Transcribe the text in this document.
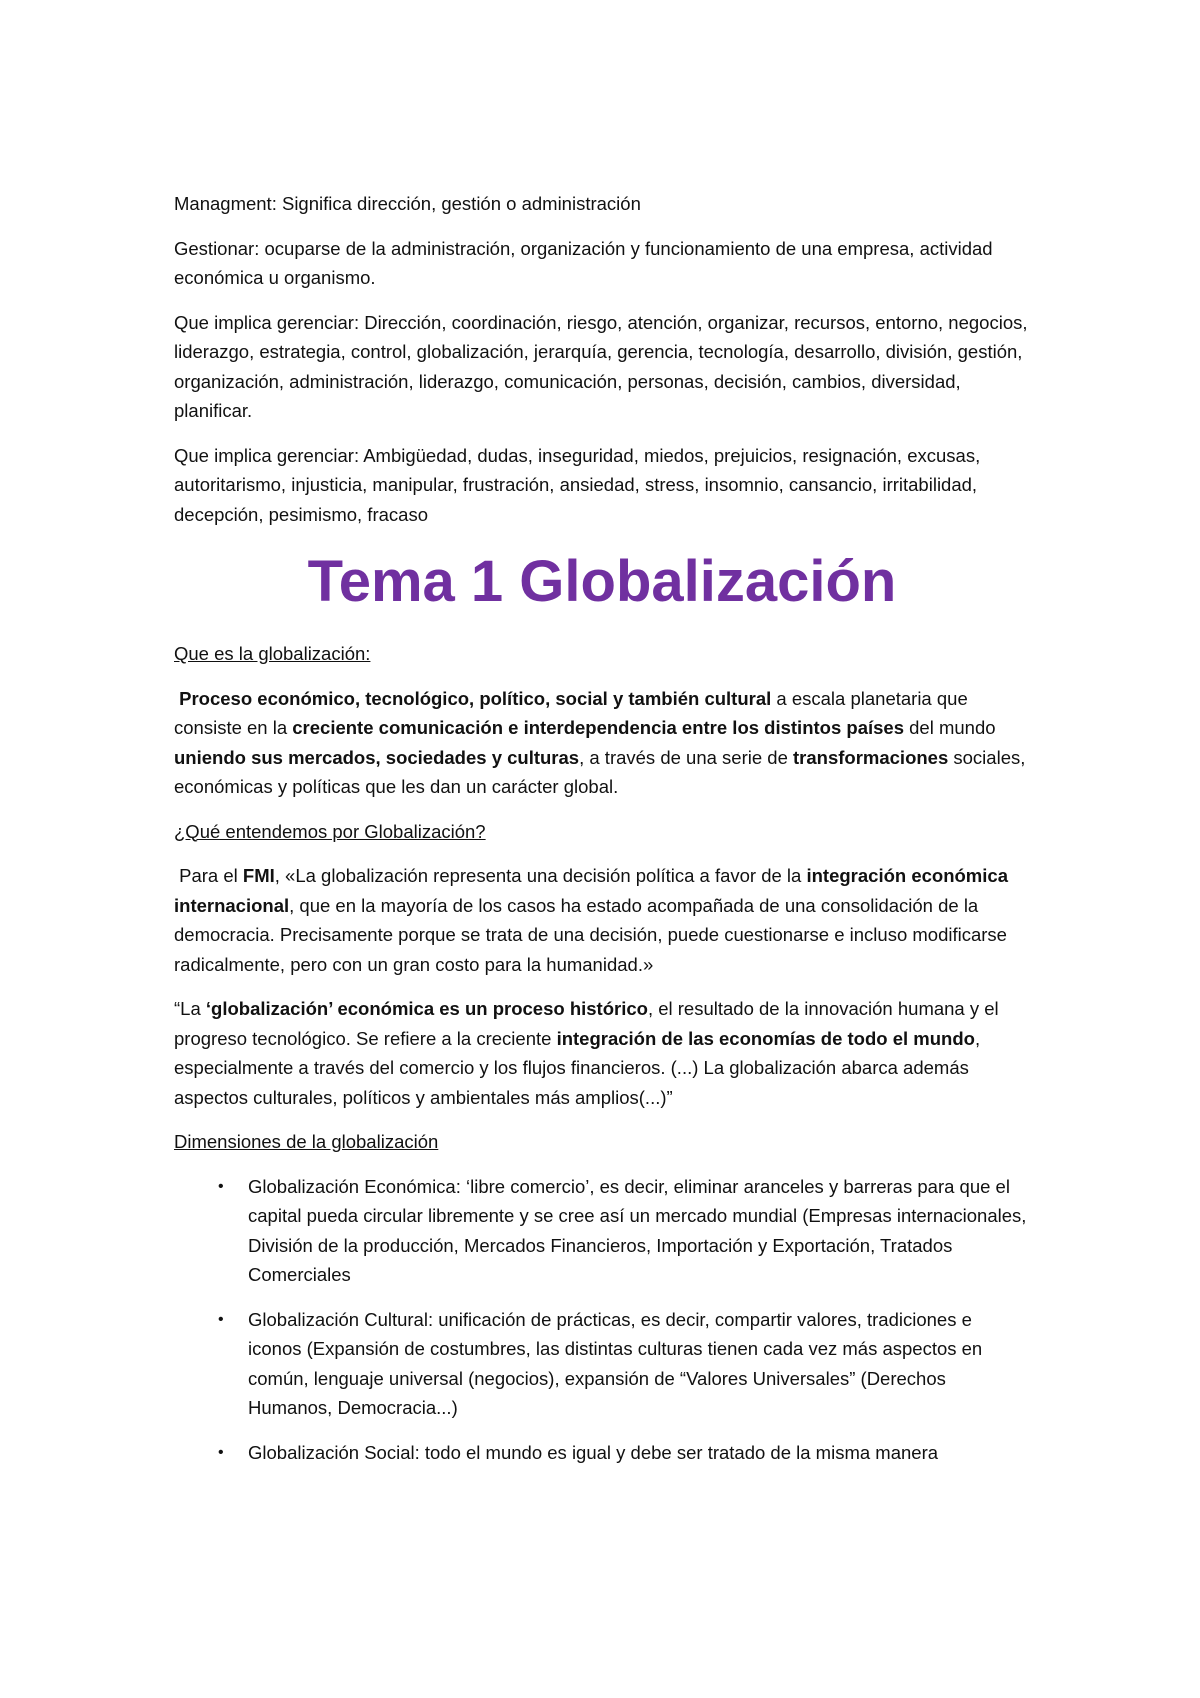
Managment: Significa dirección, gestión o administración

Gestionar: ocuparse de la administración, organización y funcionamiento de una empresa, actividad económica u organismo.

Que implica gerenciar: Dirección, coordinación, riesgo, atención, organizar, recursos, entorno, negocios, liderazgo, estrategia, control, globalización, jerarquía, gerencia, tecnología, desarrollo, división, gestión, organización, administración, liderazgo, comunicación, personas, decisión, cambios, diversidad, planificar.

Que implica gerenciar: Ambigüedad, dudas, inseguridad, miedos, prejuicios, resignación, excusas, autoritarismo, injusticia, manipular, frustración, ansiedad, stress, insomnio, cansancio, irritabilidad, decepción, pesimismo, fracaso

Tema 1 Globalización

Que es la globalización:

Proceso económico, tecnológico, político, social y también cultural a escala planetaria que consiste en la creciente comunicación e interdependencia entre los distintos países del mundo uniendo sus mercados, sociedades y culturas, a través de una serie de transformaciones sociales, económicas y políticas que les dan un carácter global.

¿Qué entendemos por Globalización?

Para el FMI, «La globalización representa una decisión política a favor de la integración económica internacional, que en la mayoría de los casos ha estado acompañada de una consolidación de la democracia. Precisamente porque se trata de una decisión, puede cuestionarse e incluso modificarse radicalmente, pero con un gran costo para la humanidad.»

“La ‘globalización’ económica es un proceso histórico, el resultado de la innovación humana y el progreso tecnológico. Se refiere a la creciente integración de las economías de todo el mundo, especialmente a través del comercio y los flujos financieros. (...) La globalización abarca además aspectos culturales, políticos y ambientales más amplios(...)”

Dimensiones de la globalización

• Globalización Económica: ‘libre comercio’, es decir, eliminar aranceles y barreras para que el capital pueda circular libremente y se cree así un mercado mundial (Empresas internacionales, División de la producción, Mercados Financieros, Importación y Exportación, Tratados Comerciales
• Globalización Cultural: unificación de prácticas, es decir, compartir valores, tradiciones e iconos (Expansión de costumbres, las distintas culturas tienen cada vez más aspectos en común, lenguaje universal (negocios), expansión de “Valores Universales” (Derechos Humanos, Democracia...)
• Globalización Social: todo el mundo es igual y debe ser tratado de la misma manera
